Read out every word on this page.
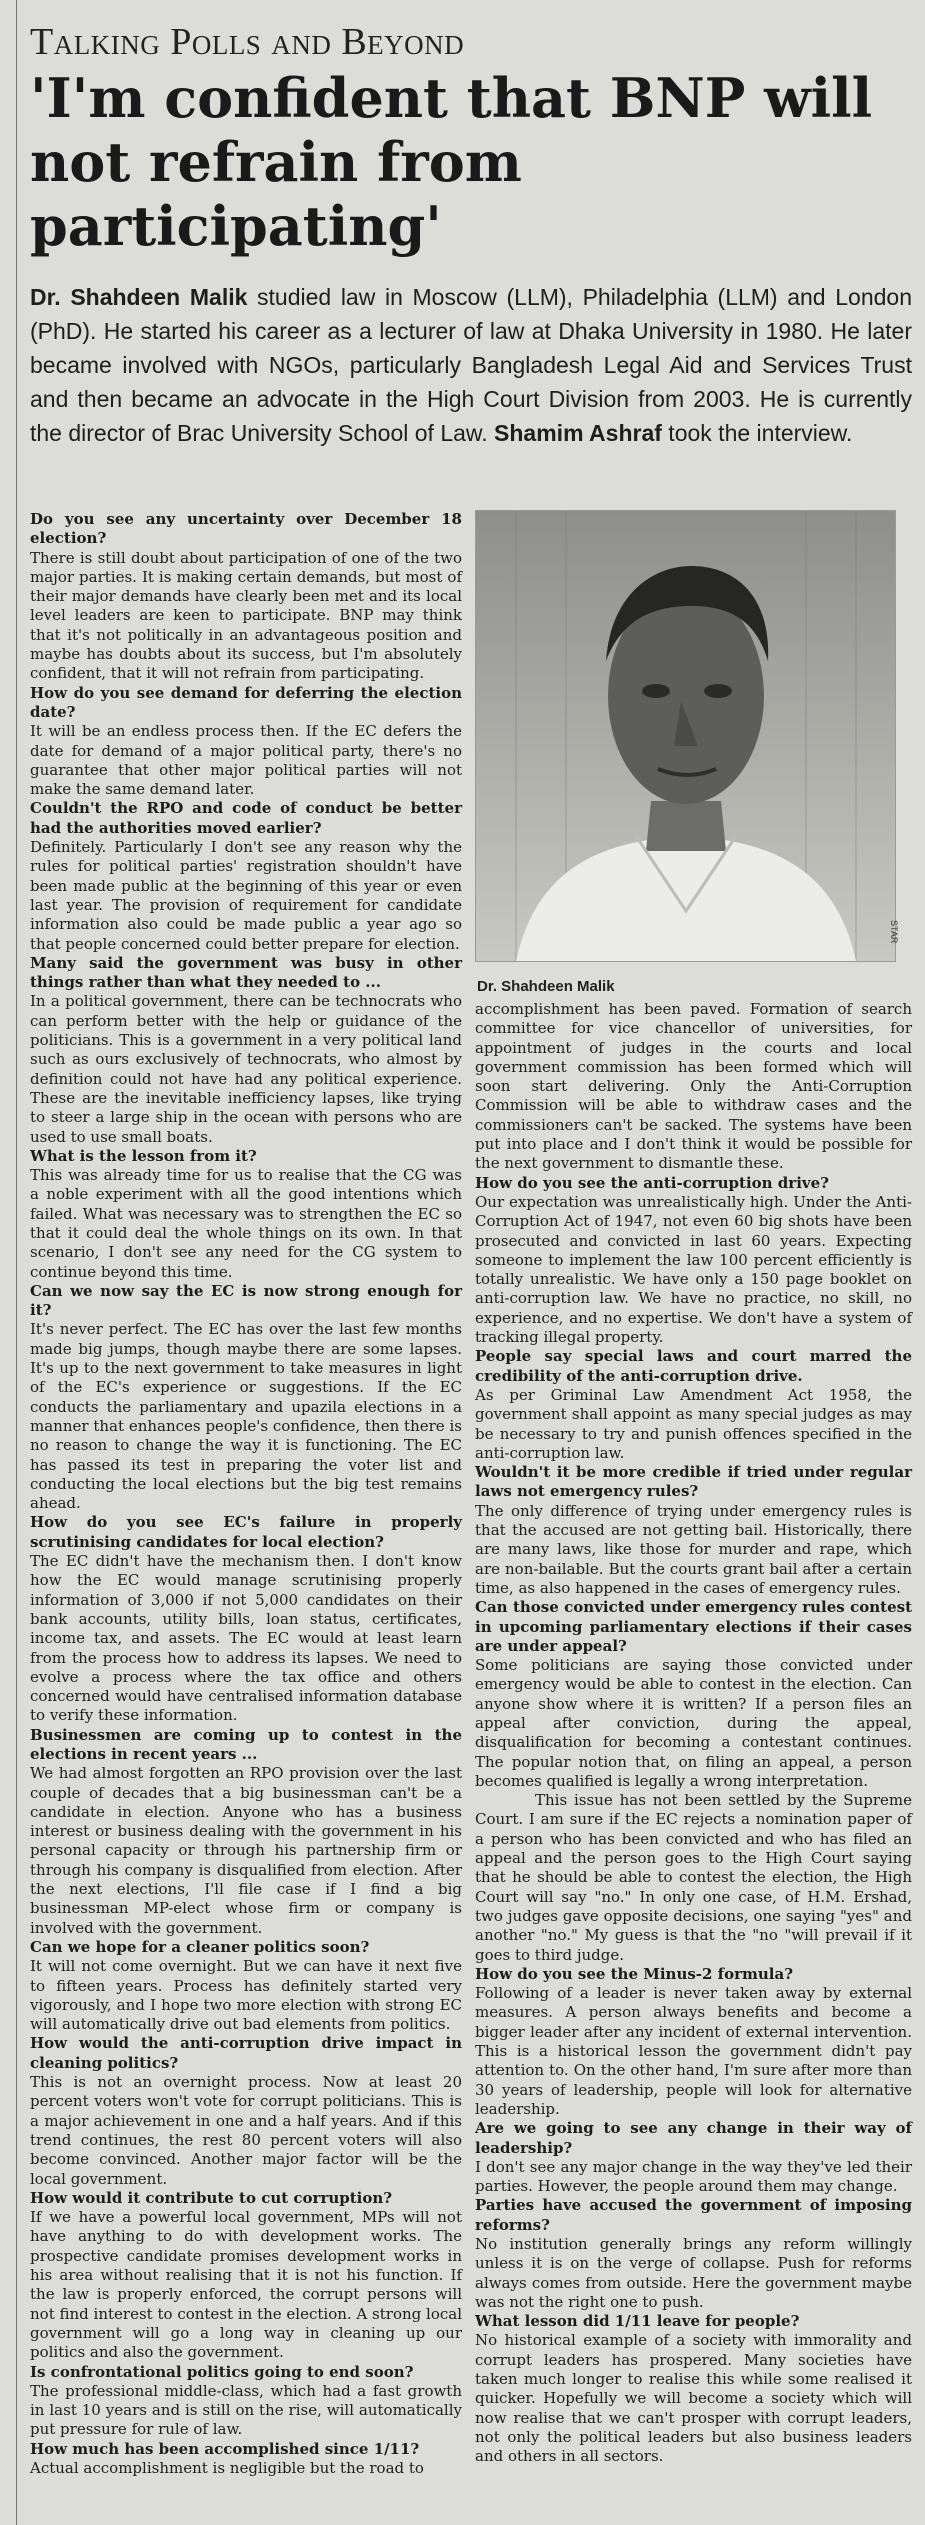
Talking Polls and Beyond
'I'm confident that BNP will not refrain from participating'
Dr. Shahdeen Malik studied law in Moscow (LLM), Philadelphia (LLM) and London (PhD). He started his career as a lecturer of law at Dhaka University in 1980. He later became involved with NGOs, particularly Bangladesh Legal Aid and Services Trust and then became an advocate in the High Court Division from 2003. He is currently the director of Brac University School of Law. Shamim Ashraf took the interview.

Do you see any uncertainty over December 18 election?

There is still doubt about participation of one of the two major parties. It is making certain demands, but most of their major demands have clearly been met and its local level leaders are keen to participate. BNP may think that it's not politically in an advantageous position and maybe has doubts about its success, but I'm absolutely confident, that it will not refrain from participating.

How do you see demand for deferring the election date?

It will be an endless process then. If the EC defers the date for demand of a major political party, there's no guarantee that other major political parties will not make the same demand later.

Couldn't the RPO and code of conduct be better had the authorities moved earlier?

Definitely. Particularly I don't see any reason why the rules for political parties' registration shouldn't have been made public at the beginning of this year or even last year. The provision of requirement for candidate information also could be made public a year ago so that people concerned could better prepare for election.

Many said the government was busy in other things rather than what they needed to ...

In a political government, there can be technocrats who can perform better with the help or guidance of the politicians. This is a government in a very political land such as ours exclusively of technocrats, who almost by definition could not have had any political experience. These are the inevitable inefficiency lapses, like trying to steer a large ship in the ocean with persons who are used to use small boats.

What is the lesson from it?

This was already time for us to realise that the CG was a noble experiment with all the good intentions which failed. What was necessary was to strengthen the EC so that it could deal the whole things on its own. In that scenario, I don't see any need for the CG system to continue beyond this time.

Can we now say the EC is now strong enough for it?

It's never perfect. The EC has over the last few months made big jumps, though maybe there are some lapses. It's up to the next government to take measures in light of the EC's experience or suggestions. If the EC conducts the parliamentary and upazila elections in a manner that enhances people's confidence, then there is no reason to change the way it is functioning. The EC has passed its test in preparing the voter list and conducting the local elections but the big test remains ahead.

How do you see EC's failure in properly scrutinising candidates for local election?

The EC didn't have the mechanism then. I don't know how the EC would manage scrutinising properly information of 3,000 if not 5,000 candidates on their bank accounts, utility bills, loan status, certificates, income tax, and assets. The EC would at least learn from the process how to address its lapses. We need to evolve a process where the tax office and others concerned would have centralised information database to verify these information.

Businessmen are coming up to contest in the elections in recent years ...

We had almost forgotten an RPO provision over the last couple of decades that a big businessman can't be a candidate in election. Anyone who has a business interest or business dealing with the government in his personal capacity or through his partnership firm or through his company is disqualified from election. After the next elections, I'll file case if I find a big businessman MP-elect whose firm or company is involved with the government.

Can we hope for a cleaner politics soon?

It will not come overnight. But we can have it next five to fifteen years. Process has definitely started very vigorously, and I hope two more election with strong EC will automatically drive out bad elements from politics.

How would the anti-corruption drive impact in cleaning politics?

This is not an overnight process. Now at least 20 percent voters won't vote for corrupt politicians. This is a major achievement in one and a half years. And if this trend continues, the rest 80 percent voters will also become convinced. Another major factor will be the local government.

How would it contribute to cut corruption?

If we have a powerful local government, MPs will not have anything to do with development works. The prospective candidate promises development works in his area without realising that it is not his function. If the law is properly enforced, the corrupt persons will not find interest to contest in the election. A strong local government will go a long way in cleaning up our politics and also the government.

Is confrontational politics going to end soon?

The professional middle-class, which had a fast growth in last 10 years and is still on the rise, will automatically put pressure for rule of law.

How much has been accomplished since 1/11?

Actual accomplishment is negligible but the road to

STAR
Dr. Shahdeen Malik

accomplishment has been paved. Formation of search committee for vice chancellor of universities, for appointment of judges in the courts and local government commission has been formed which will soon start delivering. Only the Anti-Corruption Commission will be able to withdraw cases and the commissioners can't be sacked. The systems have been put into place and I don't think it would be possible for the next government to dismantle these.

How do you see the anti-corruption drive?

Our expectation was unrealistically high. Under the Anti-Corruption Act of 1947, not even 60 big shots have been prosecuted and convicted in last 60 years. Expecting someone to implement the law 100 percent efficiently is totally unrealistic. We have only a 150 page booklet on anti-corruption law. We have no practice, no skill, no experience, and no expertise. We don't have a system of tracking illegal property.

People say special laws and court marred the credibility of the anti-corruption drive.

As per Griminal Law Amendment Act 1958, the government shall appoint as many special judges as may be necessary to try and punish offences specified in the anti-corruption law.

Wouldn't it be more credible if tried under regular laws not emergency rules?

The only difference of trying under emergency rules is that the accused are not getting bail. Historically, there are many laws, like those for murder and rape, which are non-bailable. But the courts grant bail after a certain time, as also happened in the cases of emergency rules.

Can those convicted under emergency rules contest in upcoming parliamentary elections if their cases are under appeal?

Some politicians are saying those convicted under emergency would be able to contest in the election. Can anyone show where it is written? If a person files an appeal after conviction, during the appeal, disqualification for becoming a contestant continues. The popular notion that, on filing an appeal, a person becomes qualified is legally a wrong interpretation.

This issue has not been settled by the Supreme Court. I am sure if the EC rejects a nomination paper of a person who has been convicted and who has filed an appeal and the person goes to the High Court saying that he should be able to contest the election, the High Court will say "no." In only one case, of H.M. Ershad, two judges gave opposite decisions, one saying "yes" and another "no." My guess is that the "no "will prevail if it goes to third judge.

How do you see the Minus-2 formula?

Following of a leader is never taken away by external measures. A person always benefits and become a bigger leader after any incident of external intervention. This is a historical lesson the government didn't pay attention to. On the other hand, I'm sure after more than 30 years of leadership, people will look for alternative leadership.

Are we going to see any change in their way of leadership?

I don't see any major change in the way they've led their parties. However, the people around them may change.

Parties have accused the government of imposing reforms?

No institution generally brings any reform willingly unless it is on the verge of collapse. Push for reforms always comes from outside. Here the government maybe was not the right one to push.

What lesson did 1/11 leave for people?

No historical example of a society with immorality and corrupt leaders has prospered. Many societies have taken much longer to realise this while some realised it quicker. Hopefully we will become a society which will now realise that we can't prosper with corrupt leaders, not only the political leaders but also business leaders and others in all sectors.
